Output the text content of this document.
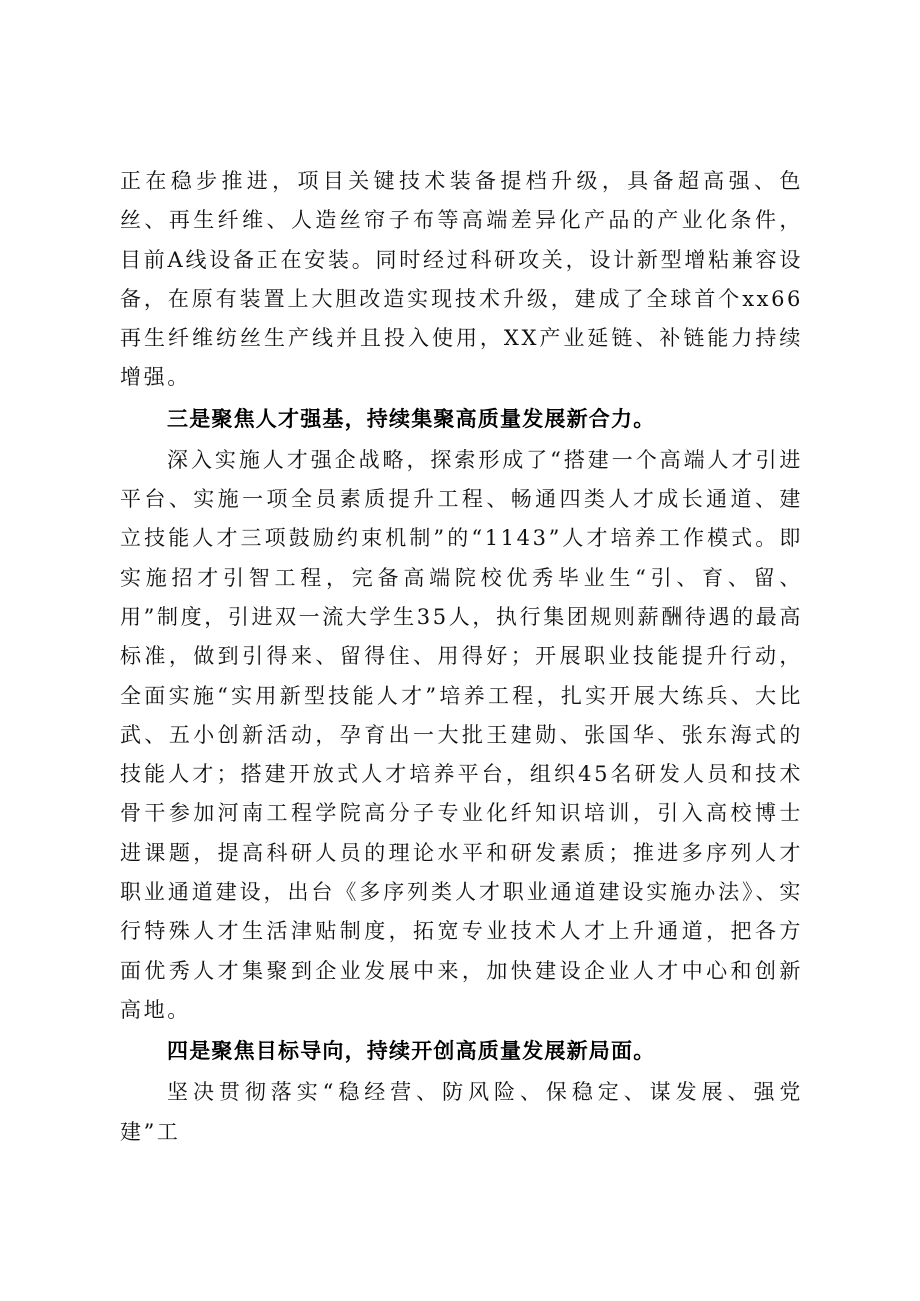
正在稳步推进，项目关键技术装备提档升级，具备超高强、色丝、再生纤维、人造丝帘子布等高端差异化产品的产业化条件，目前A线设备正在安装。同时经过科研攻关，设计新型增粘兼容设备，在原有装置上大胆改造实现技术升级，建成了全球首个xx66再生纤维纺丝生产线并且投入使用，XX产业延链、补链能力持续增强。

三是聚焦人才强基，持续集聚高质量发展新合力。

深入实施人才强企战略，探索形成了“搭建一个高端人才引进平台、实施一项全员素质提升工程、畅通四类人才成长通道、建立技能人才三项鼓励约束机制”的“1143”人才培养工作模式。即实施招才引智工程，完备高端院校优秀毕业生“引、育、留、用”制度，引进双一流大学生35人，执行集团规则薪酬待遇的最高标准，做到引得来、留得住、用得好；开展职业技能提升行动，全面实施“实用新型技能人才”培养工程，扎实开展大练兵、大比武、五小创新活动，孕育出一大批王建勋、张国华、张东海式的技能人才；搭建开放式人才培养平台，组织45名研发人员和技术骨干参加河南工程学院高分子专业化纤知识培训，引入高校博士进课题，提高科研人员的理论水平和研发素质；推进多序列人才职业通道建设，出台《多序列类人才职业通道建设实施办法》、实行特殊人才生活津贴制度，拓宽专业技术人才上升通道，把各方面优秀人才集聚到企业发展中来，加快建设企业人才中心和创新高地。

四是聚焦目标导向，持续开创高质量发展新局面。

坚决贯彻落实“稳经营、防风险、保稳定、谋发展、强党建”工
